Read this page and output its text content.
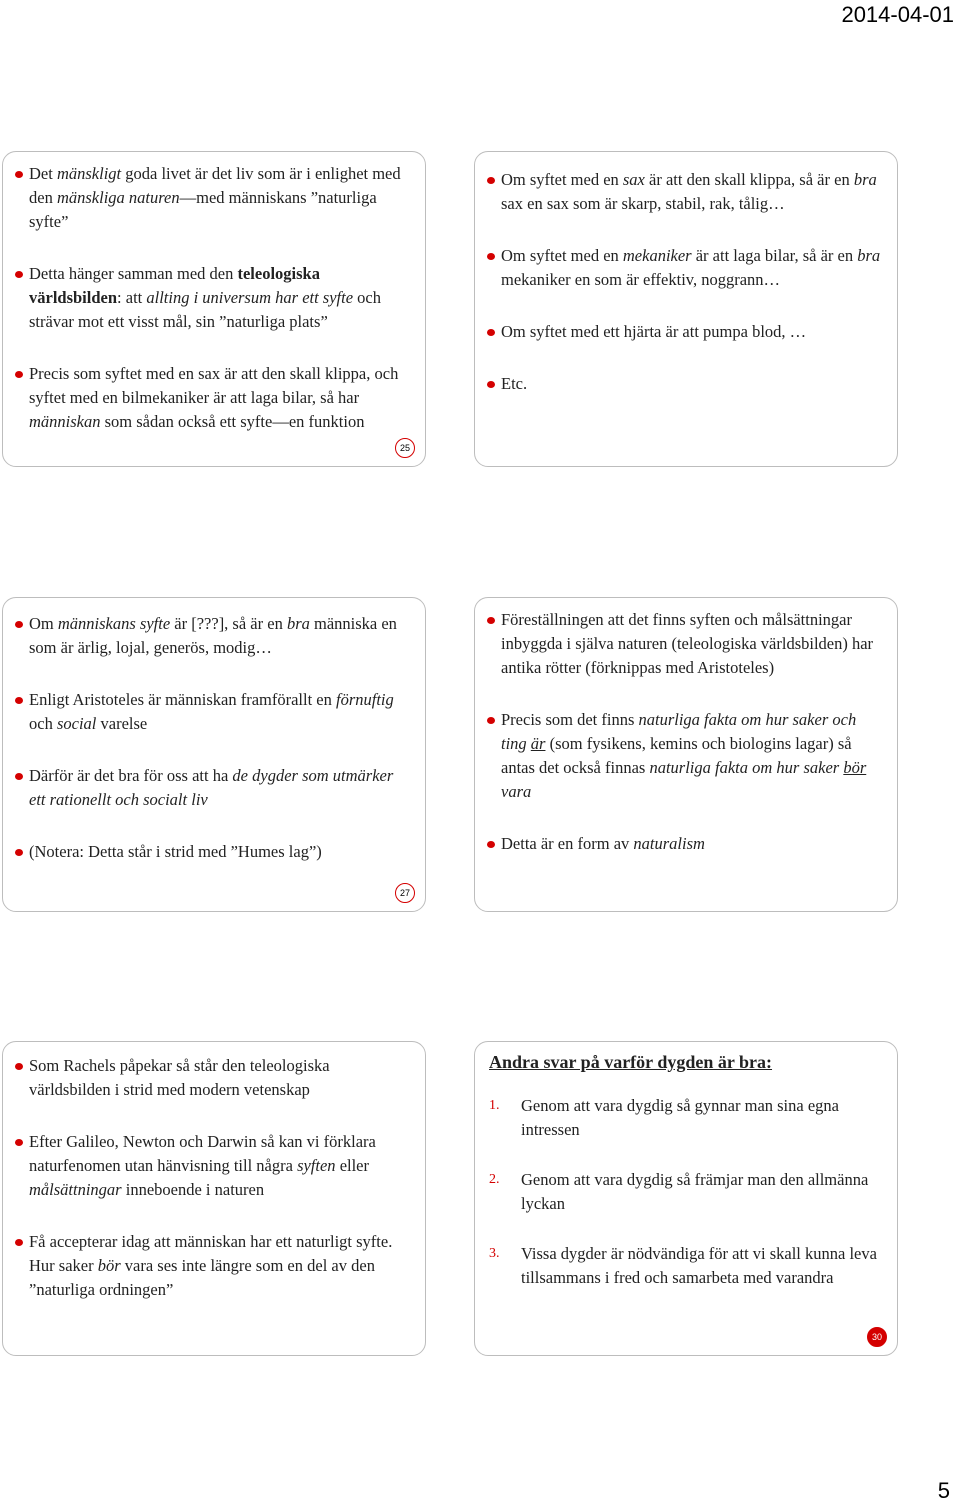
2014-04-01
Det mänskligt goda livet är det liv som är i enlighet med den mänskliga naturen—med människans ”naturliga syfte”
Detta hänger samman med den teleologiska världsbilden: att allting i universum har ett syfte och strävar mot ett visst mål, sin ”naturliga plats”
Precis som syftet med en sax är att den skall klippa, och syftet med en bilmekaniker är att laga bilar, så har människan som sådan också ett syfte—en funktion
25
Om syftet med en sax är att den skall klippa, så är en bra sax en sax som är skarp, stabil, rak, tålig…
Om syftet med en mekaniker är att laga bilar, så är en bra mekaniker en som är effektiv, noggrann…
Om syftet med ett hjärta är att pumpa blod, …
Etc.
Om människans syfte är [???], så är en bra människa en som är ärlig, lojal, generös, modig…
Enligt Aristoteles är människan framförallt en förnuftig och social varelse
Därför är det bra för oss att ha de dygder som utmärker ett rationellt och socialt liv
(Notera: Detta står i strid med ”Humes lag”)
27
Föreställningen att det finns syften och målsättningar inbyggda i själva naturen (teleologiska världsbilden) har antika rötter (förknippas med Aristoteles)
Precis som det finns naturliga fakta om hur saker och ting är (som fysikens, kemins och biologins lagar) så antas det också finnas naturliga fakta om hur saker bör vara
Detta är en form av naturalism
Som Rachels påpekar så står den teleologiska världsbilden i strid med modern vetenskap
Efter Galileo, Newton och Darwin så kan vi förklara naturfenomen utan hänvisning till några syften eller målsättningar inneboende i naturen
Få accepterar idag att människan har ett naturligt syfte. Hur saker bör vara ses inte längre som en del av den ”naturliga ordningen”
Andra svar på varför dygden är bra:
1. Genom att vara dygdig så gynnar man sina egna intressen
2. Genom att vara dygdig så främjar man den allmänna lyckan
3. Vissa dygder är nödvändiga för att vi skall kunna leva tillsammans i fred och samarbeta med varandra
30
5
